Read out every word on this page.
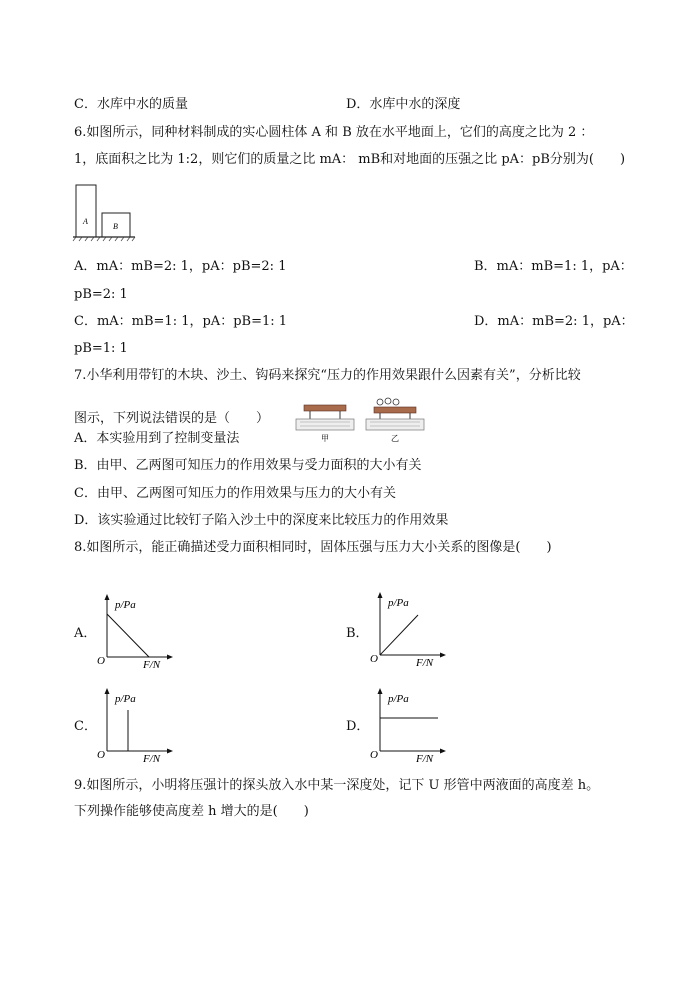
C．水库中水的质量	D．水库中水的深度
6.如图所示，同种材料制成的实心圆柱体 A 和 B 放在水平地面上，它们的高度之比为 2 ：
1，底面积之比为 1:2，则它们的质量之比 mA： mB和对地面的压强之比 pA：pB分别为(　　)
A
B
A．mA：mB=2: 1，pA：pB=2: 1	B．mA：mB=1: 1，pA：
pB=2: 1
C．mA：mB=1: 1，pA：pB=1: 1	D．mA：mB=2: 1，pA：
pB=1: 1
7.小华利用带钉的木块、沙土、钩码来探究“压力的作用效果跟什么因素有关”，分析比较
图示，下列说法错误的是（　　）
甲	乙
A．本实验用到了控制变量法
B．由甲、乙两图可知压力的作用效果与受力面积的大小有关
C．由甲、乙两图可知压力的作用效果与压力的大小有关
D．该实验通过比较钉子陷入沙土中的深度来比较压力的作用效果
8.如图所示，能正确描述受力面积相同时，固体压强与压力大小关系的图像是(　　)
A．
p/Pa
O	F/N
B．
p/Pa
O	F/N
C．
p/Pa
O	F/N
D．
p/Pa
O	F/N
9.如图所示，小明将压强计的探头放入水中某一深度处，记下 U 形管中两液面的高度差 h。
下列操作能够使高度差 h 增大的是(　　)
